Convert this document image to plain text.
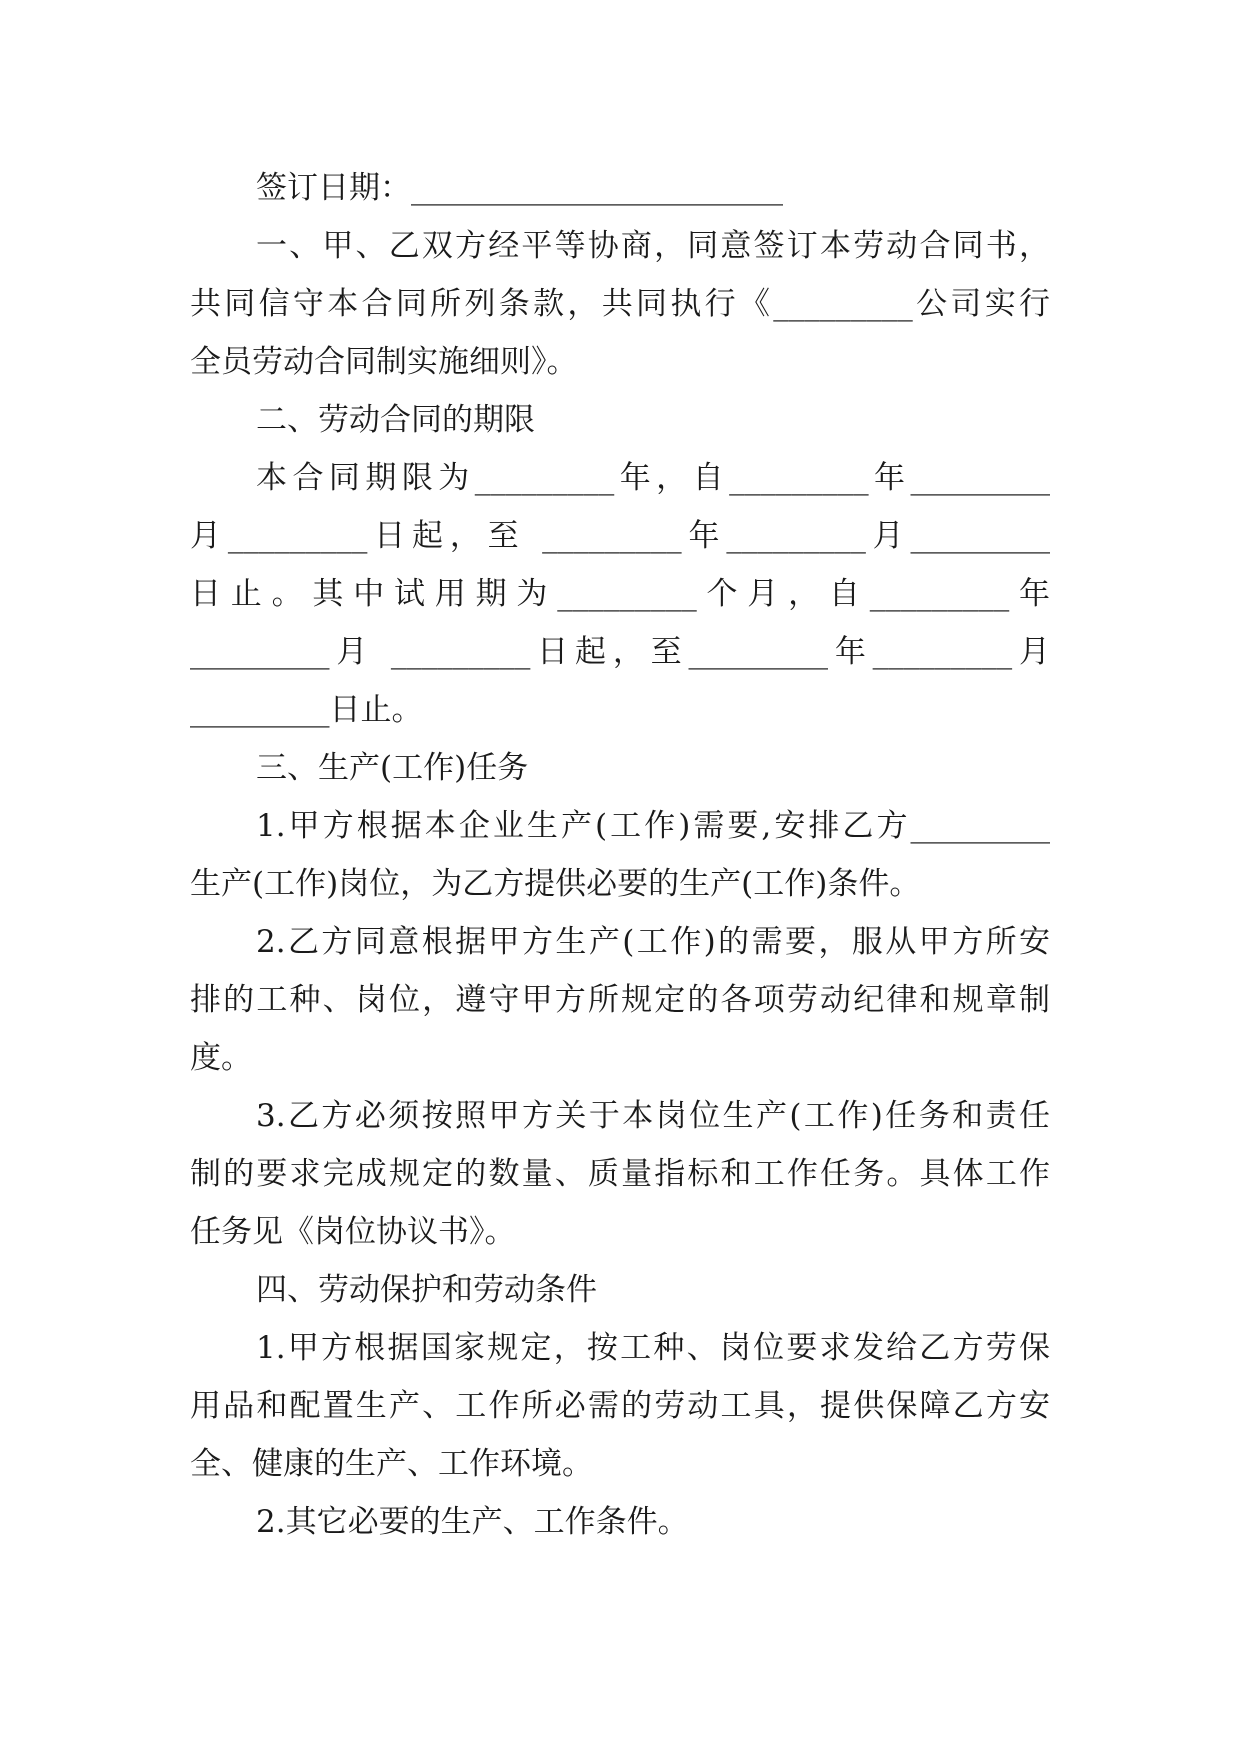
签订日期：________________________
一、甲、乙双方经平等协商，同意签订本劳动合同书，
共同信守本合同所列条款，共同执行《_________公司实行
全员劳动合同制实施细则》。
二、劳动合同的期限
本合同期限为_________年，自_________年_________
月_________日起，至 _________年_________月_________
日止。其中试用期为_________个月，自_________年
_________月 _________日起，至_________年_________月
_________日止。
三、生产(工作)任务
1.甲方根据本企业生产(工作)需要,安排乙方_________
生产(工作)岗位，为乙方提供必要的生产(工作)条件。
2.乙方同意根据甲方生产(工作)的需要，服从甲方所安
排的工种、岗位，遵守甲方所规定的各项劳动纪律和规章制
度。
3.乙方必须按照甲方关于本岗位生产(工作)任务和责任
制的要求完成规定的数量、质量指标和工作任务。具体工作
任务见《岗位协议书》。
四、劳动保护和劳动条件
1.甲方根据国家规定，按工种、岗位要求发给乙方劳保
用品和配置生产、工作所必需的劳动工具，提供保障乙方安
全、健康的生产、工作环境。
2.其它必要的生产、工作条件。
